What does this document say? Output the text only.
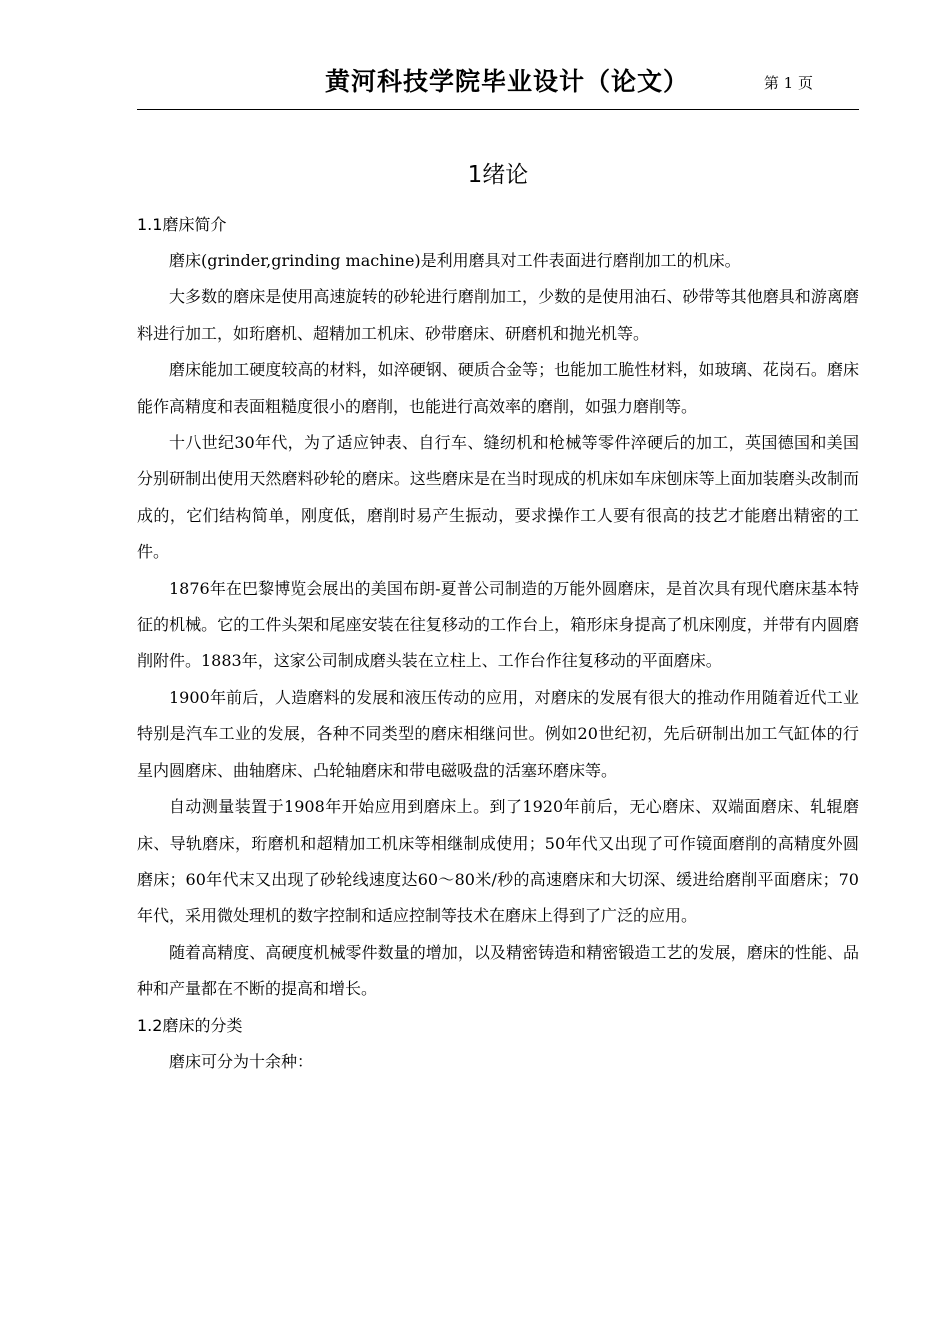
黄河科技学院毕业设计（论文）	第 1 页
1绪论
1.1磨床简介

磨床(grinder,grinding machine)是利用磨具对工件表面进行磨削加工的机床。

大多数的磨床是使用高速旋转的砂轮进行磨削加工，少数的是使用油石、砂带等其他磨具和游离磨料进行加工，如珩磨机、超精加工机床、砂带磨床、研磨机和抛光机等。

磨床能加工硬度较高的材料，如淬硬钢、硬质合金等；也能加工脆性材料，如玻璃、花岗石。磨床能作高精度和表面粗糙度很小的磨削，也能进行高效率的磨削，如强力磨削等。

十八世纪30年代，为了适应钟表、自行车、缝纫机和枪械等零件淬硬后的加工，英国德国和美国分别研制出使用天然磨料砂轮的磨床。这些磨床是在当时现成的机床如车床刨床等上面加装磨头改制而成的，它们结构简单，刚度低，磨削时易产生振动，要求操作工人要有很高的技艺才能磨出精密的工件。

1876年在巴黎博览会展出的美国布朗-夏普公司制造的万能外圆磨床，是首次具有现代磨床基本特征的机械。它的工件头架和尾座安装在往复移动的工作台上，箱形床身提高了机床刚度，并带有内圆磨削附件。1883年，这家公司制成磨头装在立柱上、工作台作往复移动的平面磨床。

1900年前后，人造磨料的发展和液压传动的应用，对磨床的发展有很大的推动作用随着近代工业特别是汽车工业的发展，各种不同类型的磨床相继问世。例如20世纪初，先后研制出加工气缸体的行星内圆磨床、曲轴磨床、凸轮轴磨床和带电磁吸盘的活塞环磨床等。

自动测量装置于1908年开始应用到磨床上。到了1920年前后，无心磨床、双端面磨床、轧辊磨床、导轨磨床，珩磨机和超精加工机床等相继制成使用；50年代又出现了可作镜面磨削的高精度外圆磨床；60年代末又出现了砂轮线速度达60～80米/秒的高速磨床和大切深、缓进给磨削平面磨床；70年代，采用微处理机的数字控制和适应控制等技术在磨床上得到了广泛的应用。

随着高精度、高硬度机械零件数量的增加，以及精密铸造和精密锻造工艺的发展，磨床的性能、品种和产量都在不断的提高和增长。

1.2磨床的分类

磨床可分为十余种：
